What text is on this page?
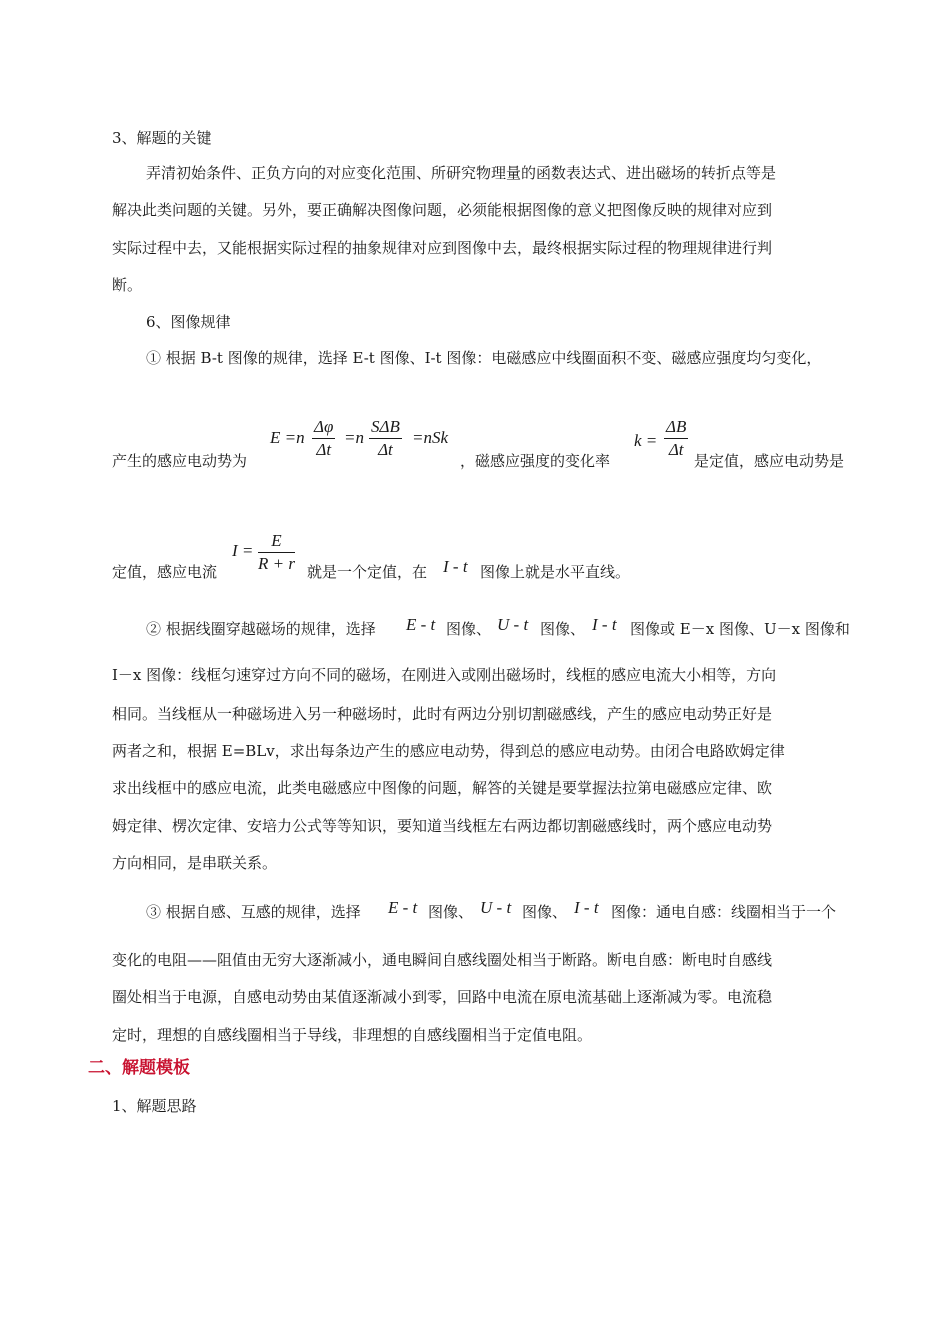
3、解题的关键
弄清初始条件、正负方向的对应变化范围、所研究物理量的函数表达式、进出磁场的转折点等是
解决此类问题的关键。另外，要正确解决图像问题，必须能根据图像的意义把图像反映的规律对应到
实际过程中去，又能根据实际过程的抽象规律对应到图像中去，最终根据实际过程的物理规律进行判
断。
6、图像规律
① 根据 B-t 图像的规律，选择 E-t 图像、I-t 图像：电磁感应中线圈面积不变、磁感应强度均匀变化，
产生的感应电动势为
$E =n \frac{\Delta\varphi}{\Delta t} =n$
SΔB
Δt
=nSk
，磁感应强度的变化率
$k = \frac{\Delta B}{\Delta t}$ 是定值，感应电动势是
定值，感应电流
$I = \frac{E}{R + r}$ 就是一个定值，在 I - t 图像上就是水平直线。
② 根据线圈穿越磁场的规律，选择 E - t 图像、 U - t 图像、 I - t 图像或 E－x 图像、U－x 图像和
I－x 图像：线框匀速穿过方向不同的磁场，在刚进入或刚出磁场时，线框的感应电流大小相等，方向
相同。当线框从一种磁场进入另一种磁场时，此时有两边分别切割磁感线，产生的感应电动势正好是
两者之和，根据 E=BLv，求出每条边产生的感应电动势，得到总的感应电动势。由闭合电路欧姆定律
求出线框中的感应电流，此类电磁感应中图像的问题，解答的关键是要掌握法拉第电磁感应定律、欧
姆定律、楞次定律、安培力公式等等知识，要知道当线框左右两边都切割磁感线时，两个感应电动势
方向相同，是串联关系。
③ 根据自感、互感的规律，选择 E - t 图像、 U - t 图像、 I - t 图像：通电自感：线圈相当于一个
变化的电阻——阻值由无穷大逐渐减小，通电瞬间自感线圈处相当于断路。断电自感：断电时自感线
圈处相当于电源，自感电动势由某值逐渐减小到零，回路中电流在原电流基础上逐渐减为零。电流稳
定时，理想的自感线圈相当于导线，非理想的自感线圈相当于定值电阻。
二、解题模板
1、解题思路
